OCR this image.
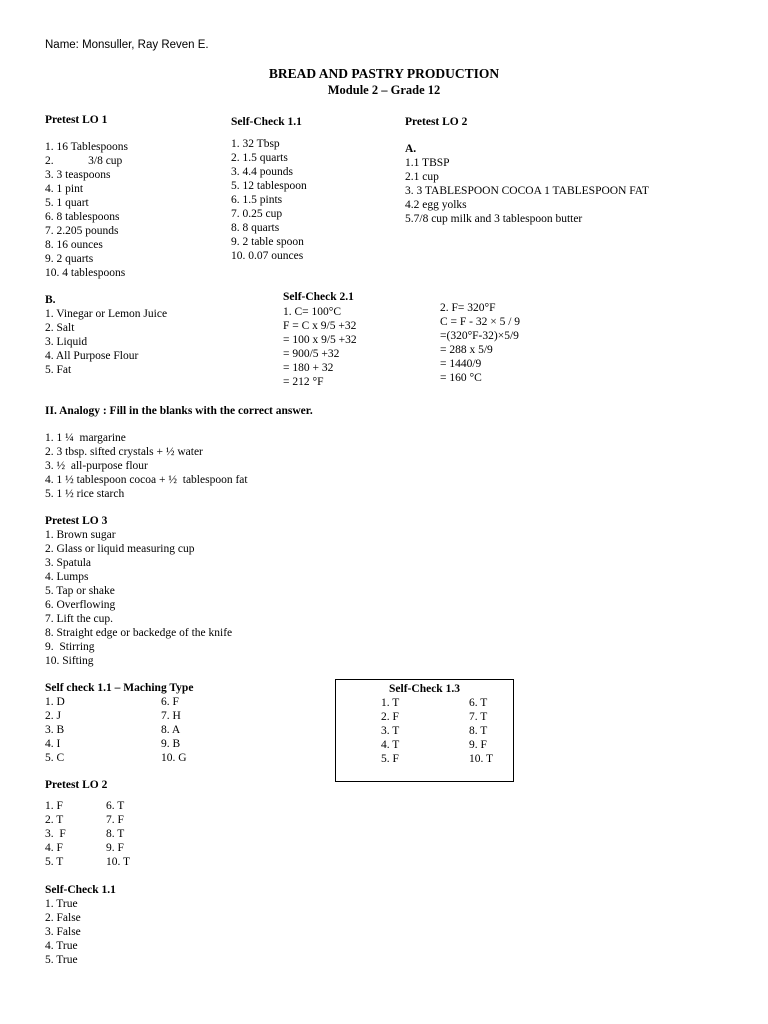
Name: Monsuller, Ray Reven E.
BREAD AND PASTRY PRODUCTION
Module 2 – Grade 12
Pretest LO 1
1. 16 Tablespoons
2.            3/8 cup
3. 3 teaspoons
4. 1 pint
5. 1 quart
6. 8 tablespoons
7. 2.205 pounds
8. 16 ounces
9. 2 quarts
10. 4 tablespoons
Self-Check 1.1
1. 32 Tbsp
2. 1.5 quarts
3. 4.4 pounds
5. 12 tablespoon
6. 1.5 pints
7. 0.25 cup
8. 8 quarts
9. 2 table spoon
10. 0.07 ounces
Pretest LO 2
A.
1.1 TBSP
2.1 cup
3. 3 TABLESPOON COCOA 1 TABLESPOON FAT
4.2 egg yolks
5.7/8 cup milk and 3 tablespoon butter
B.
1. Vinegar or Lemon Juice
2. Salt
3. Liquid
4. All Purpose Flour
5. Fat
Self-Check 2.1
1. C= 100°C
F = C x 9/5 +32
= 100 x 9/5 +32
= 900/5 +32
= 180 + 32
= 212 °F
2. F= 320°F
C = F - 32 × 5 / 9
=(320°F-32)×5/9
= 288 x 5/9
= 1440/9
= 160 °C
II. Analogy : Fill in the blanks with the correct answer.
1. 1 ¼  margarine
2. 3 tbsp. sifted crystals + ½ water
3. ½  all-purpose flour
4. 1 ½ tablespoon cocoa + ½  tablespoon fat
5. 1 ½ rice starch
Pretest LO 3
1. Brown sugar
2. Glass or liquid measuring cup
3. Spatula
4. Lumps
5. Tap or shake
6. Overflowing
7. Lift the cup.
8. Straight edge or backedge of the knife
9.  Stirring
10. Sifting
Self check 1.1 – Maching Type
1. D
2. J
3. B
4. I
5. C
6. F
7. H
8. A
9. B
10. G
Self-Check 1.3
1. T
2. F
3. T
4. T
5. F
6. T
7. T
8. T
9. F
10. T
Pretest LO 2
1. F
2. T
3.  F
4. F
5. T
6. T
7. F
8. T
9. F
10. T
Self-Check 1.1
1. True
2. False
3. False
4. True
5. True
